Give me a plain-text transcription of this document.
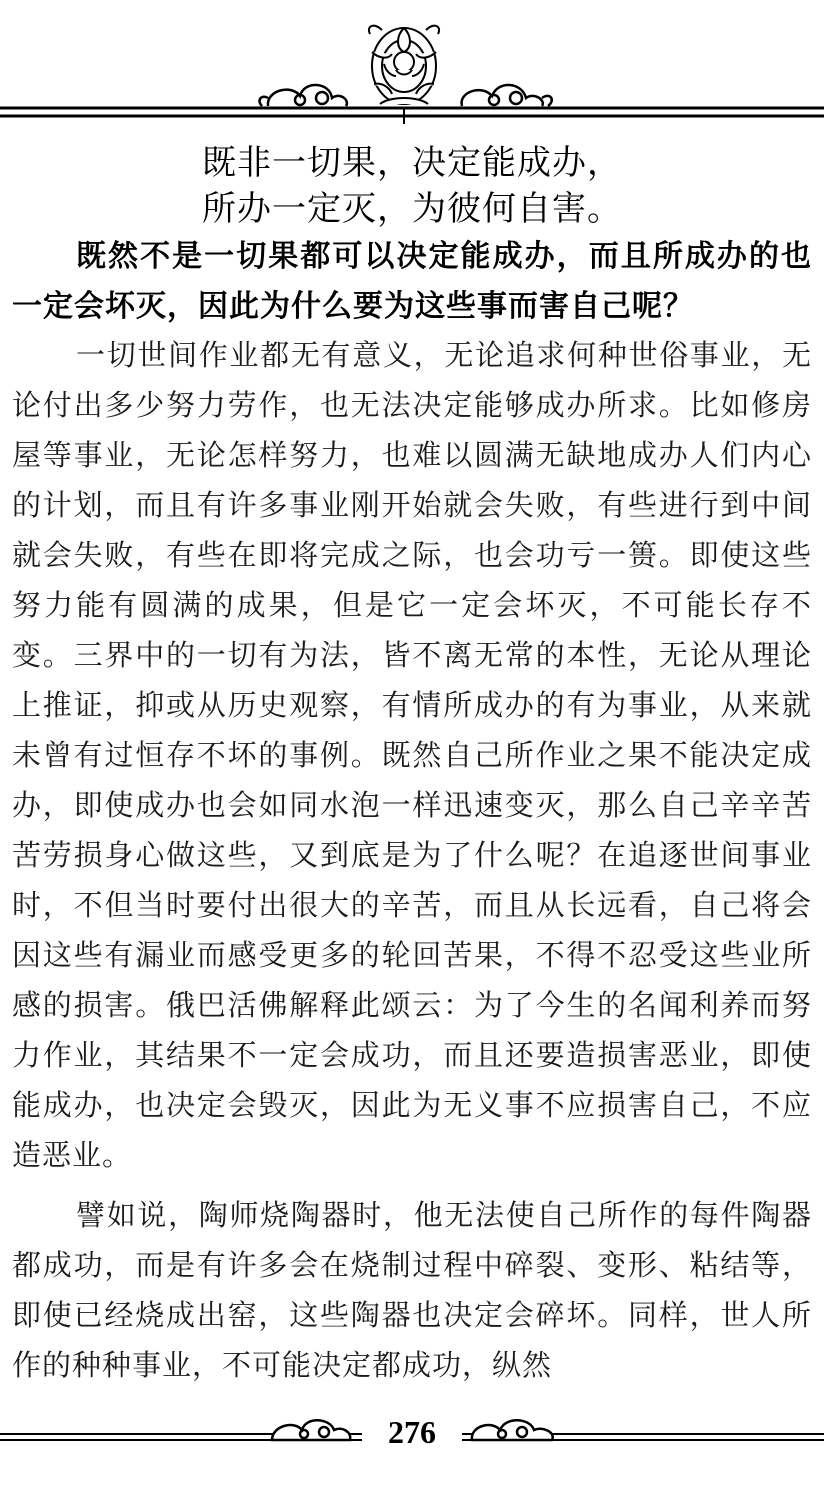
既非一切果，决定能成办，
所办一定灭，为彼何自害。

既然不是一切果都可以决定能成办，而且所成办的也一定会坏灭，因此为什么要为这些事而害自己呢？

一切世间作业都无有意义，无论追求何种世俗事业，无论付出多少努力劳作，也无法决定能够成办所求。比如修房屋等事业，无论怎样努力，也难以圆满无缺地成办人们内心的计划，而且有许多事业刚开始就会失败，有些进行到中间就会失败，有些在即将完成之际，也会功亏一篑。即使这些努力能有圆满的成果，但是它一定会坏灭，不可能长存不变。三界中的一切有为法，皆不离无常的本性，无论从理论上推证，抑或从历史观察，有情所成办的有为事业，从来就未曾有过恒存不坏的事例。既然自己所作业之果不能决定成办，即使成办也会如同水泡一样迅速变灭，那么自己辛辛苦苦劳损身心做这些，又到底是为了什么呢？在追逐世间事业时，不但当时要付出很大的辛苦，而且从长远看，自己将会因这些有漏业而感受更多的轮回苦果，不得不忍受这些业所感的损害。俄巴活佛解释此颂云：为了今生的名闻利养而努力作业，其结果不一定会成功，而且还要造损害恶业，即使能成办，也决定会毁灭，因此为无义事不应损害自己，不应造恶业。

譬如说，陶师烧陶器时，他无法使自己所作的每件陶器都成功，而是有许多会在烧制过程中碎裂、变形、粘结等，即使已经烧成出窑，这些陶器也决定会碎坏。同样，世人所作的种种事业，不可能决定都成功，纵然

276
